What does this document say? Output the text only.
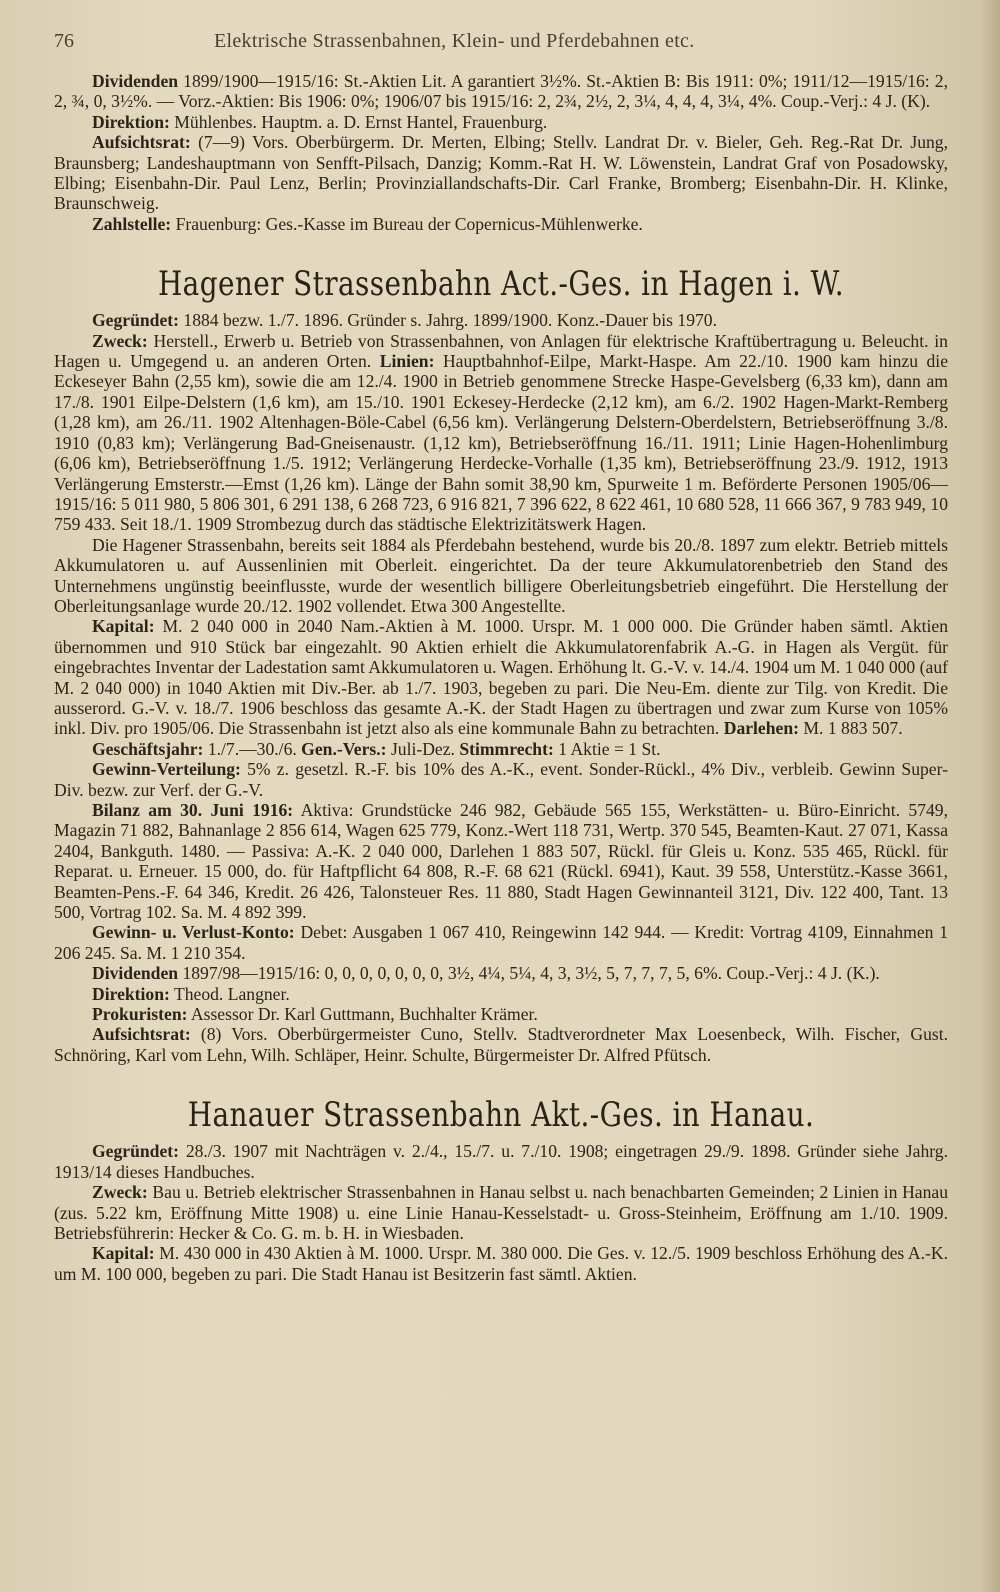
76	Elektrische Strassenbahnen, Klein- und Pferdebahnen etc.

Dividenden 1899/1900—1915/16: St.-Aktien Lit. A garantiert 3½%. St.-Aktien B: Bis 1911: 0%; 1911/12—1915/16: 2, 2, ¾, 0, 3½%. — Vorz.-Aktien: Bis 1906: 0%; 1906/07 bis 1915/16: 2, 2¾, 2½, 2, 3¼, 4, 4, 4, 3¼, 4%. Coup.-Verj.: 4 J. (K).

Direktion: Mühlenbes. Hauptm. a. D. Ernst Hantel, Frauenburg.

Aufsichtsrat: (7—9) Vors. Oberbürgerm. Dr. Merten, Elbing; Stellv. Landrat Dr. v. Bieler, Geh. Reg.-Rat Dr. Jung, Braunsberg; Landeshauptmann von Senfft-Pilsach, Danzig; Komm.-Rat H. W. Löwenstein, Landrat Graf von Posadowsky, Elbing; Eisenbahn-Dir. Paul Lenz, Berlin; Provinziallandschafts-Dir. Carl Franke, Bromberg; Eisenbahn-Dir. H. Klinke, Braunschweig.

Zahlstelle: Frauenburg: Ges.-Kasse im Bureau der Copernicus-Mühlenwerke.

Hagener Strassenbahn Act.-Ges. in Hagen i. W.

Gegründet: 1884 bezw. 1./7. 1896. Gründer s. Jahrg. 1899/1900. Konz.-Dauer bis 1970.

Zweck: Herstell., Erwerb u. Betrieb von Strassenbahnen, von Anlagen für elektrische Kraftübertragung u. Beleucht. in Hagen u. Umgegend u. an anderen Orten. Linien: Hauptbahnhof-Eilpe, Markt-Haspe. Am 22./10. 1900 kam hinzu die Eckeseyer Bahn (2,55 km), sowie die am 12./4. 1900 in Betrieb genommene Strecke Haspe-Gevelsberg (6,33 km), dann am 17./8. 1901 Eilpe-Delstern (1,6 km), am 15./10. 1901 Eckesey-Herdecke (2,12 km), am 6./2. 1902 Hagen-Markt-Remberg (1,28 km), am 26./11. 1902 Altenhagen-Böle-Cabel (6,56 km). Verlängerung Delstern-Oberdelstern, Betriebseröffnung 3./8. 1910 (0,83 km); Verlängerung Bad-Gneisenaustr. (1,12 km), Betriebseröffnung 16./11. 1911; Linie Hagen-Hohenlimburg (6,06 km), Betriebseröffnung 1./5. 1912; Verlängerung Herdecke-Vorhalle (1,35 km), Betriebseröffnung 23./9. 1912, 1913 Verlängerung Emsterstr.—Emst (1,26 km). Länge der Bahn somit 38,90 km, Spurweite 1 m. Beförderte Personen 1905/06—1915/16: 5 011 980, 5 806 301, 6 291 138, 6 268 723, 6 916 821, 7 396 622, 8 622 461, 10 680 528, 11 666 367, 9 783 949, 10 759 433. Seit 18./1. 1909 Strombezug durch das städtische Elektrizitätswerk Hagen.

Die Hagener Strassenbahn, bereits seit 1884 als Pferdebahn bestehend, wurde bis 20./8. 1897 zum elektr. Betrieb mittels Akkumulatoren u. auf Aussenlinien mit Oberleit. eingerichtet. Da der teure Akkumulatorenbetrieb den Stand des Unternehmens ungünstig beeinflusste, wurde der wesentlich billigere Oberleitungsbetrieb eingeführt. Die Herstellung der Oberleitungsanlage wurde 20./12. 1902 vollendet. Etwa 300 Angestellte.

Kapital: M. 2 040 000 in 2040 Nam.-Aktien à M. 1000. Urspr. M. 1 000 000. Die Gründer haben sämtl. Aktien übernommen und 910 Stück bar eingezahlt. 90 Aktien erhielt die Akkumulatorenfabrik A.-G. in Hagen als Vergüt. für eingebrachtes Inventar der Ladestation samt Akkumulatoren u. Wagen. Erhöhung lt. G.-V. v. 14./4. 1904 um M. 1 040 000 (auf M. 2 040 000) in 1040 Aktien mit Div.-Ber. ab 1./7. 1903, begeben zu pari. Die Neu-Em. diente zur Tilg. von Kredit. Die ausserord. G.-V. v. 18./7. 1906 beschloss das gesamte A.-K. der Stadt Hagen zu übertragen und zwar zum Kurse von 105% inkl. Div. pro 1905/06. Die Strassenbahn ist jetzt also als eine kommunale Bahn zu betrachten. Darlehen: M. 1 883 507.

Geschäftsjahr: 1./7.—30./6. Gen.-Vers.: Juli-Dez. Stimmrecht: 1 Aktie = 1 St.

Gewinn-Verteilung: 5% z. gesetzl. R.-F. bis 10% des A.-K., event. Sonder-Rückl., 4% Div., verbleib. Gewinn Super-Div. bezw. zur Verf. der G.-V.

Bilanz am 30. Juni 1916: Aktiva: Grundstücke 246 982, Gebäude 565 155, Werkstätten- u. Büro-Einricht. 5749, Magazin 71 882, Bahnanlage 2 856 614, Wagen 625 779, Konz.-Wert 118 731, Wertp. 370 545, Beamten-Kaut. 27 071, Kassa 2404, Bankguth. 1480. — Passiva: A.-K. 2 040 000, Darlehen 1 883 507, Rückl. für Gleis u. Konz. 535 465, Rückl. für Reparat. u. Erneuer. 15 000, do. für Haftpflicht 64 808, R.-F. 68 621 (Rückl. 6941), Kaut. 39 558, Unterstütz.-Kasse 3661, Beamten-Pens.-F. 64 346, Kredit. 26 426, Talonsteuer Res. 11 880, Stadt Hagen Gewinnanteil 3121, Div. 122 400, Tant. 13 500, Vortrag 102. Sa. M. 4 892 399.

Gewinn- u. Verlust-Konto: Debet: Ausgaben 1 067 410, Reingewinn 142 944. — Kredit: Vortrag 4109, Einnahmen 1 206 245. Sa. M. 1 210 354.

Dividenden 1897/98—1915/16: 0, 0, 0, 0, 0, 0, 0, 3½, 4¼, 5¼, 4, 3, 3½, 5, 7, 7, 7, 5, 6%. Coup.-Verj.: 4 J. (K.).

Direktion: Theod. Langner.

Prokuristen: Assessor Dr. Karl Guttmann, Buchhalter Krämer.

Aufsichtsrat: (8) Vors. Oberbürgermeister Cuno, Stellv. Stadtverordneter Max Loesenbeck, Wilh. Fischer, Gust. Schnöring, Karl vom Lehn, Wilh. Schläper, Heinr. Schulte, Bürgermeister Dr. Alfred Pfütsch.

Hanauer Strassenbahn Akt.-Ges. in Hanau.

Gegründet: 28./3. 1907 mit Nachträgen v. 2./4., 15./7. u. 7./10. 1908; eingetragen 29./9. 1898. Gründer siehe Jahrg. 1913/14 dieses Handbuches.

Zweck: Bau u. Betrieb elektrischer Strassenbahnen in Hanau selbst u. nach benachbarten Gemeinden; 2 Linien in Hanau (zus. 5.22 km, Eröffnung Mitte 1908) u. eine Linie Hanau-Kesselstadt- u. Gross-Steinheim, Eröffnung am 1./10. 1909. Betriebsführerin: Hecker & Co. G. m. b. H. in Wiesbaden.

Kapital: M. 430 000 in 430 Aktien à M. 1000. Urspr. M. 380 000. Die Ges. v. 12./5. 1909 beschloss Erhöhung des A.-K. um M. 100 000, begeben zu pari. Die Stadt Hanau ist Besitzerin fast sämtl. Aktien.
